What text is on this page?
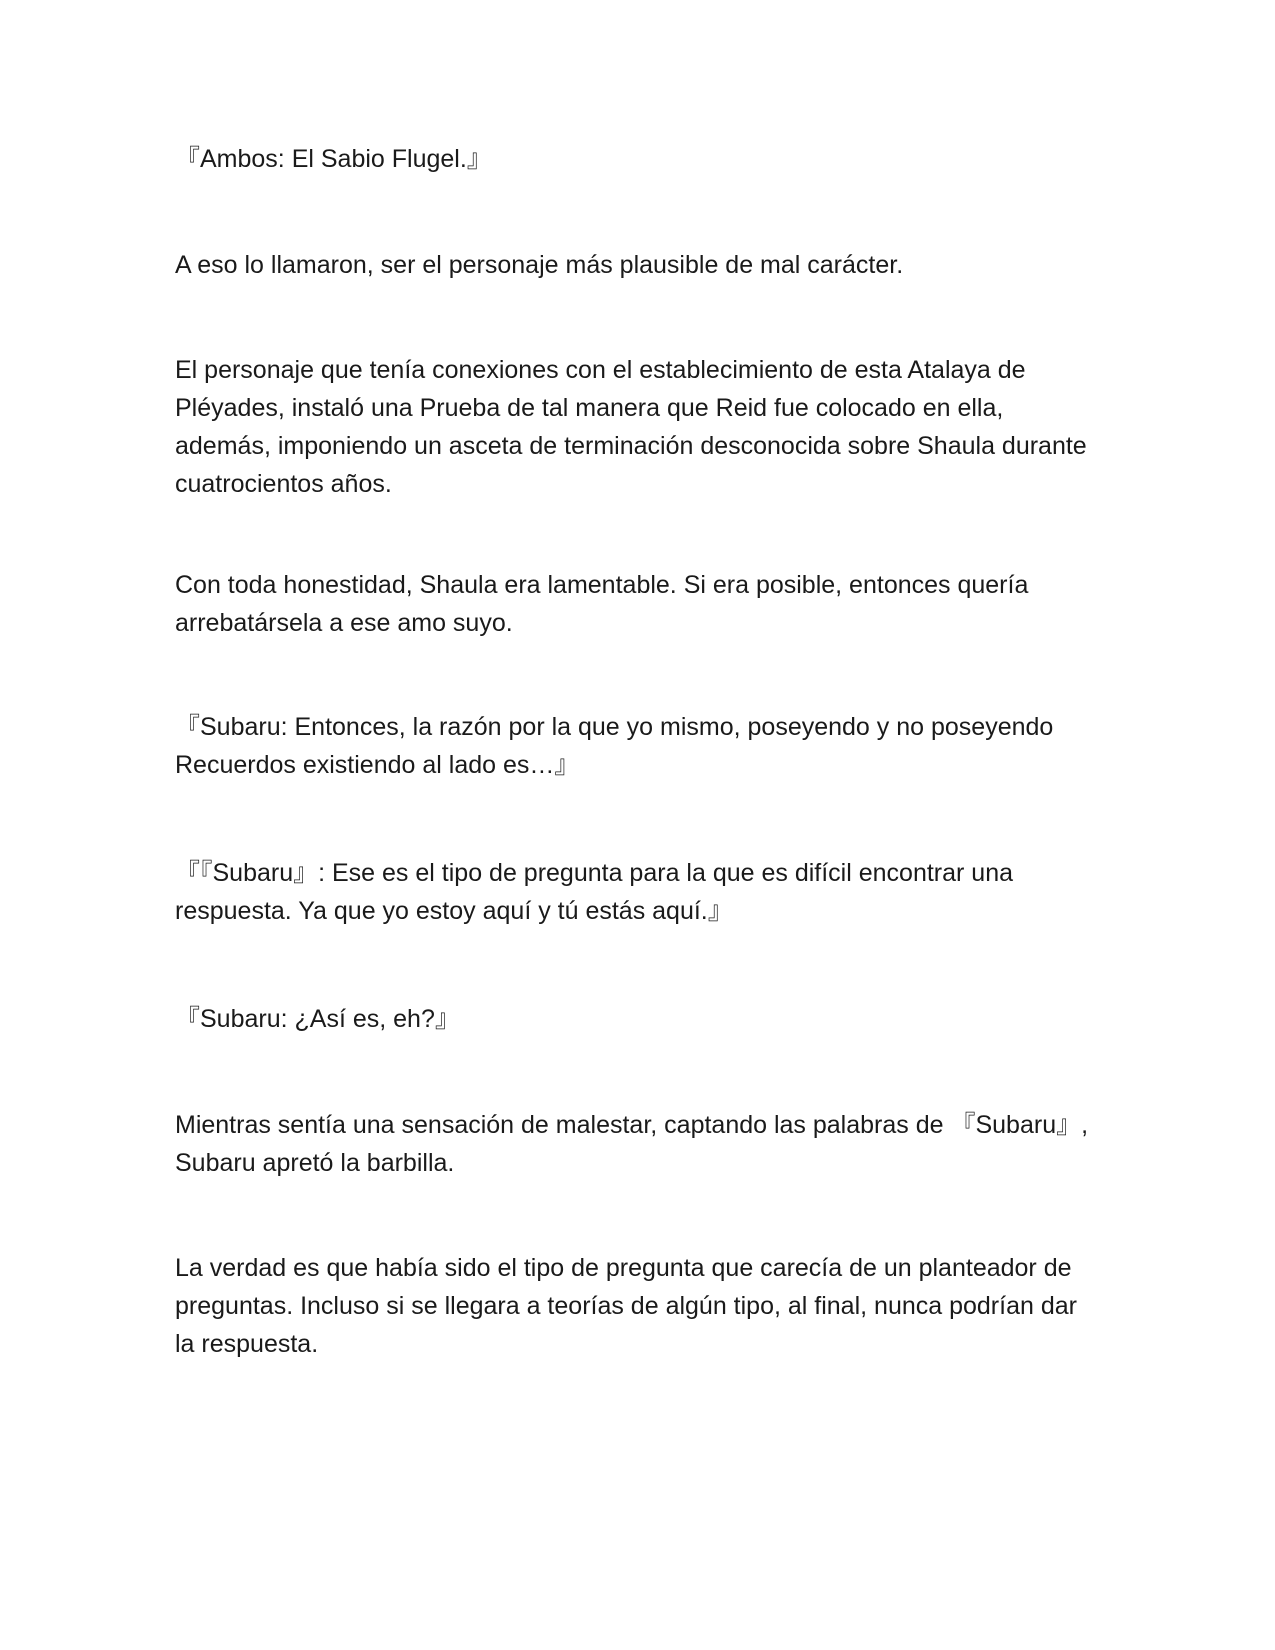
『Ambos: El Sabio Flugel.』

A eso lo llamaron, ser el personaje más plausible de mal carácter.

El personaje que tenía conexiones con el establecimiento de esta Atalaya de Pléyades, instaló una Prueba de tal manera que Reid fue colocado en ella, además, imponiendo un asceta de terminación desconocida sobre Shaula durante cuatrocientos años.

Con toda honestidad, Shaula era lamentable. Si era posible, entonces quería arrebatársela a ese amo suyo.

『Subaru: Entonces, la razón por la que yo mismo, poseyendo y no poseyendo Recuerdos existiendo al lado es…』

『『Subaru』: Ese es el tipo de pregunta para la que es difícil encontrar una respuesta. Ya que yo estoy aquí y tú estás aquí.』

『Subaru: ¿Así es, eh?』

Mientras sentía una sensación de malestar, captando las palabras de 『Subaru』, Subaru apretó la barbilla.

La verdad es que había sido el tipo de pregunta que carecía de un planteador de preguntas. Incluso si se llegara a teorías de algún tipo, al final, nunca podrían dar la respuesta.
